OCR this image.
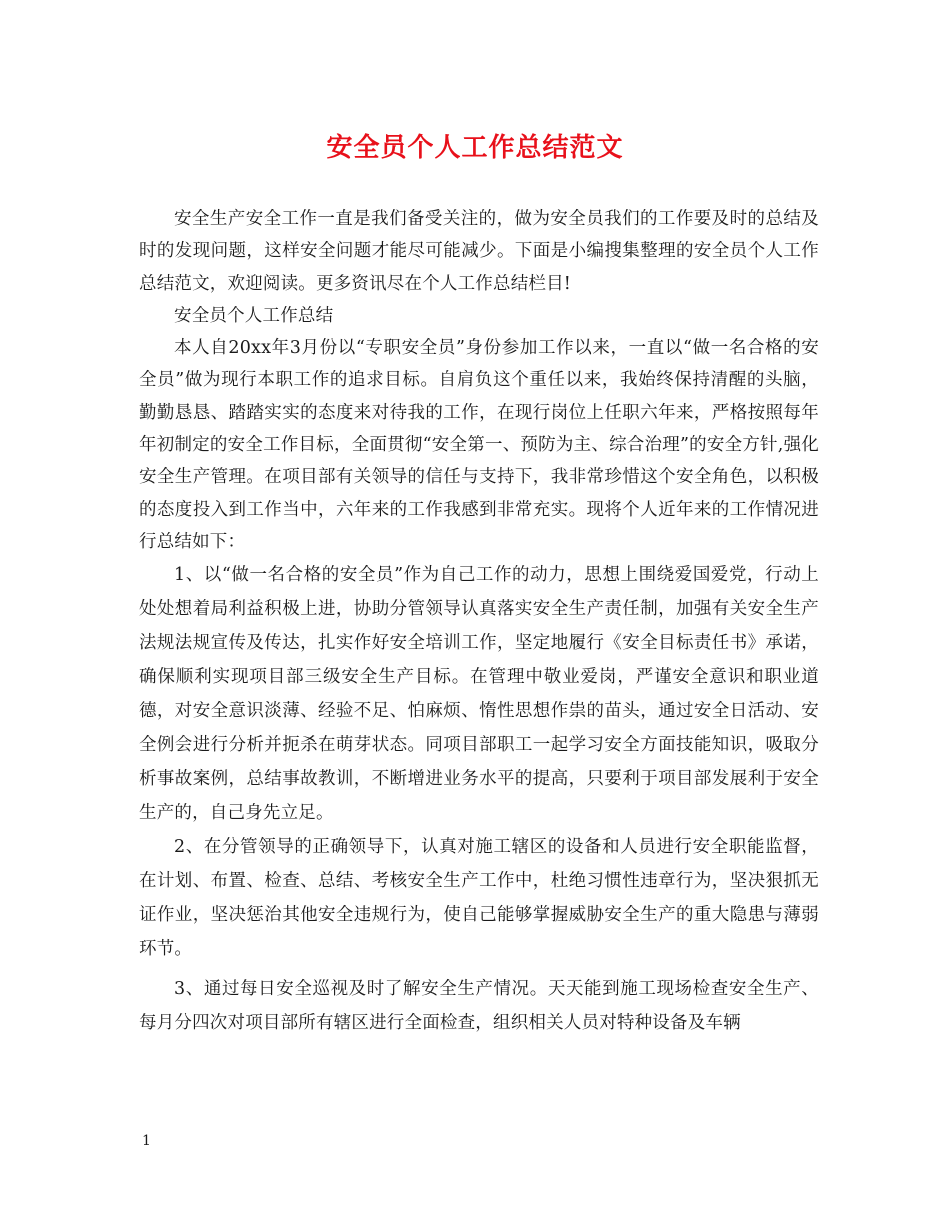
安全员个人工作总结范文

安全生产安全工作一直是我们备受关注的，做为安全员我们的工作要及时的总结及时的发现问题，这样安全问题才能尽可能减少。下面是小编搜集整理的安全员个人工作总结范文，欢迎阅读。更多资讯尽在个人工作总结栏目!

安全员个人工作总结

本人自20xx年3月份以“专职安全员”身份参加工作以来，一直以“做一名合格的安全员”做为现行本职工作的追求目标。自肩负这个重任以来，我始终保持清醒的头脑，勤勤恳恳、踏踏实实的态度来对待我的工作，在现行岗位上任职六年来，严格按照每年年初制定的安全工作目标，全面贯彻“安全第一、预防为主、综合治理”的安全方针,强化安全生产管理。在项目部有关领导的信任与支持下，我非常珍惜这个安全角色，以积极的态度投入到工作当中，六年来的工作我感到非常充实。现将个人近年来的工作情况进行总结如下：

1、以“做一名合格的安全员”作为自己工作的动力，思想上围绕爱国爱党，行动上处处想着局利益积极上进，协助分管领导认真落实安全生产责任制，加强有关安全生产法规法规宣传及传达，扎实作好安全培训工作，坚定地履行《安全目标责任书》承诺，确保顺利实现项目部三级安全生产目标。在管理中敬业爱岗，严谨安全意识和职业道德，对安全意识淡薄、经验不足、怕麻烦、惰性思想作祟的苗头，通过安全日活动、安全例会进行分析并扼杀在萌芽状态。同项目部职工一起学习安全方面技能知识，吸取分析事故案例，总结事故教训，不断增进业务水平的提高，只要利于项目部发展利于安全生产的，自己身先立足。

2、在分管领导的正确领导下，认真对施工辖区的设备和人员进行安全职能监督，在计划、布置、检查、总结、考核安全生产工作中，杜绝习惯性违章行为，坚决狠抓无证作业，坚决惩治其他安全违规行为，使自己能够掌握威胁安全生产的重大隐患与薄弱环节。

3、通过每日安全巡视及时了解安全生产情况。天天能到施工现场检查安全生产、每月分四次对项目部所有辖区进行全面检查，组织相关人员对特种设备及车辆

1
